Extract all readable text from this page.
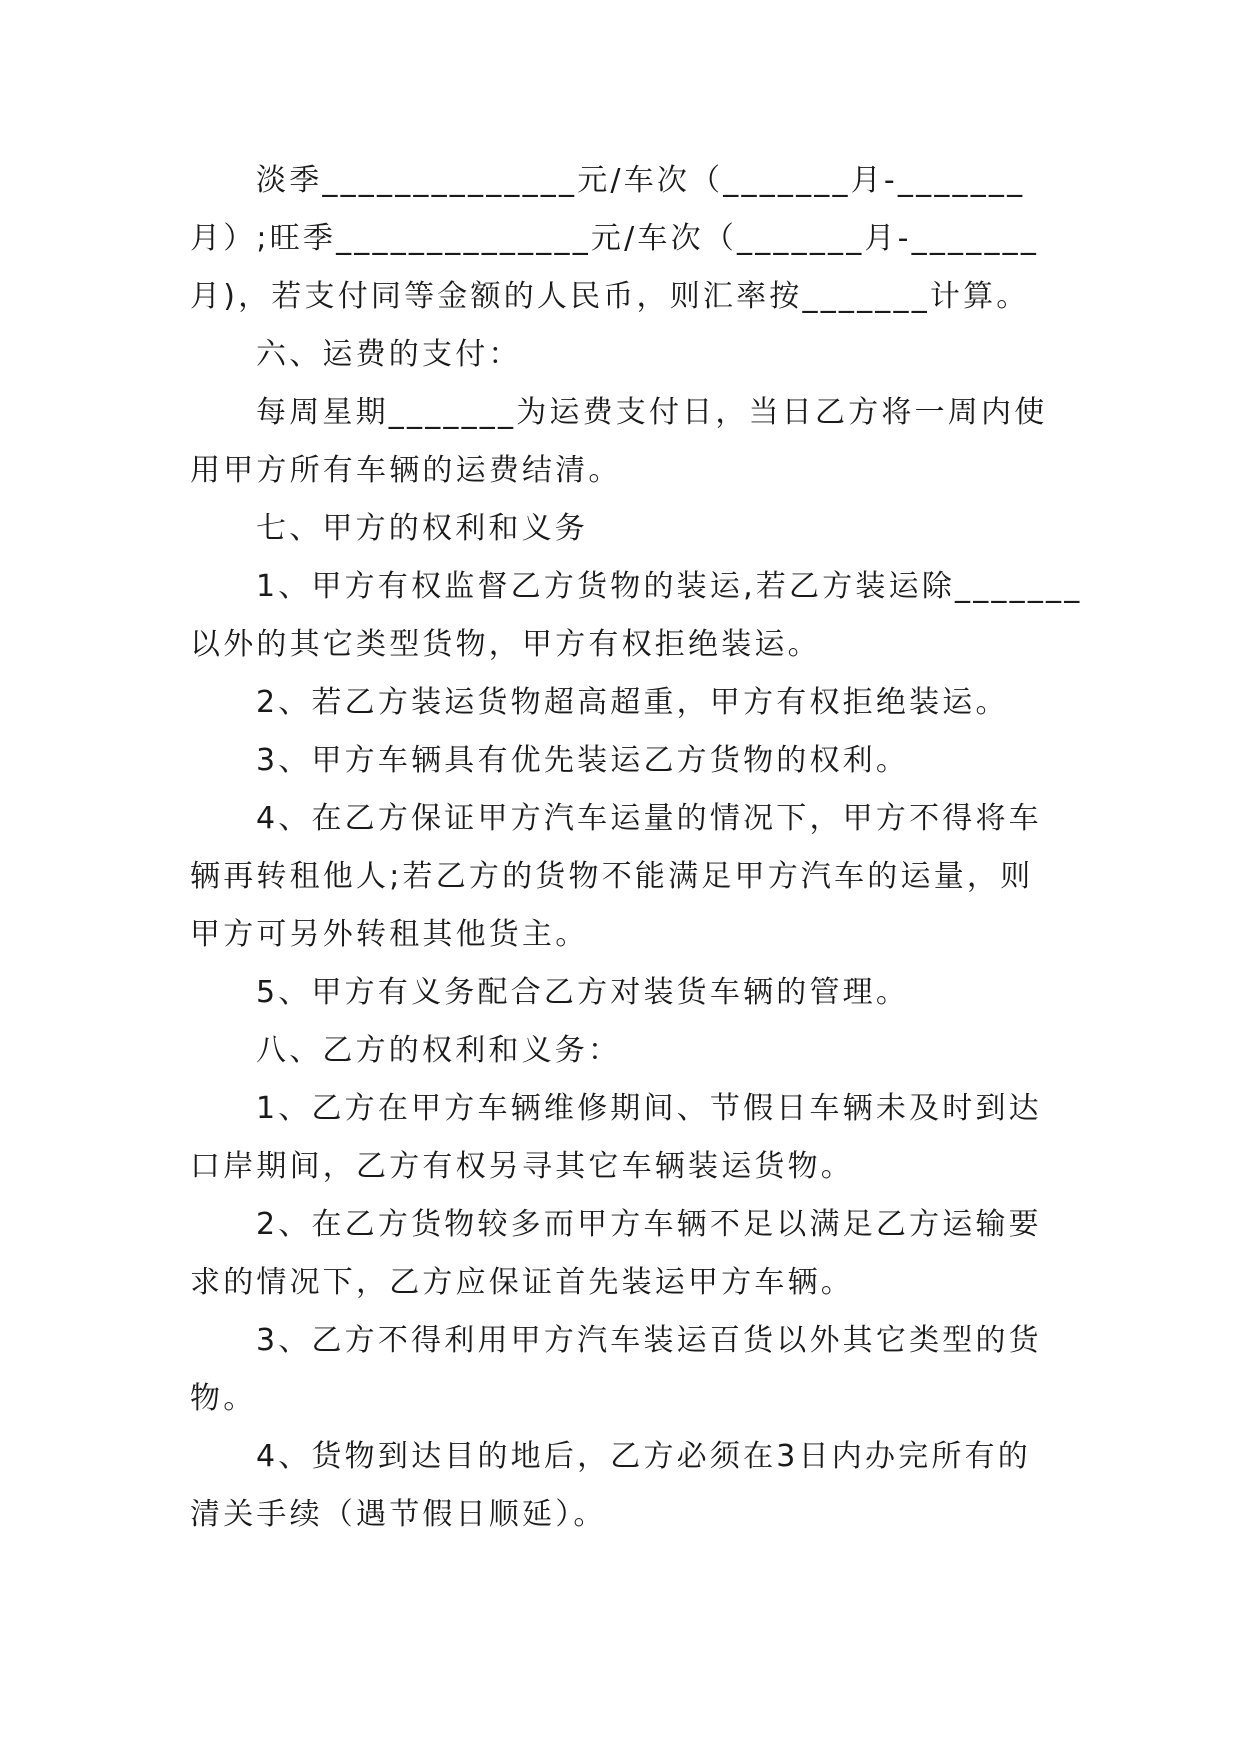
淡季______________元/车次（_______月-_______
月）;旺季______________元/车次（_______月-_______
月)，若支付同等金额的人民币，则汇率按_______计算。
六、运费的支付：
每周星期_______为运费支付日，当日乙方将一周内使
用甲方所有车辆的运费结清。
七、甲方的权利和义务
1、甲方有权监督乙方货物的装运,若乙方装运除_______
以外的其它类型货物，甲方有权拒绝装运。
2、若乙方装运货物超高超重，甲方有权拒绝装运。
3、甲方车辆具有优先装运乙方货物的权利。
4、在乙方保证甲方汽车运量的情况下，甲方不得将车
辆再转租他人;若乙方的货物不能满足甲方汽车的运量，则
甲方可另外转租其他货主。
5、甲方有义务配合乙方对装货车辆的管理。
八、乙方的权利和义务：
1、乙方在甲方车辆维修期间、节假日车辆未及时到达
口岸期间，乙方有权另寻其它车辆装运货物。
2、在乙方货物较多而甲方车辆不足以满足乙方运输要
求的情况下，乙方应保证首先装运甲方车辆。
3、乙方不得利用甲方汽车装运百货以外其它类型的货
物。
4、货物到达目的地后，乙方必须在3日内办完所有的
清关手续（遇节假日顺延）。
